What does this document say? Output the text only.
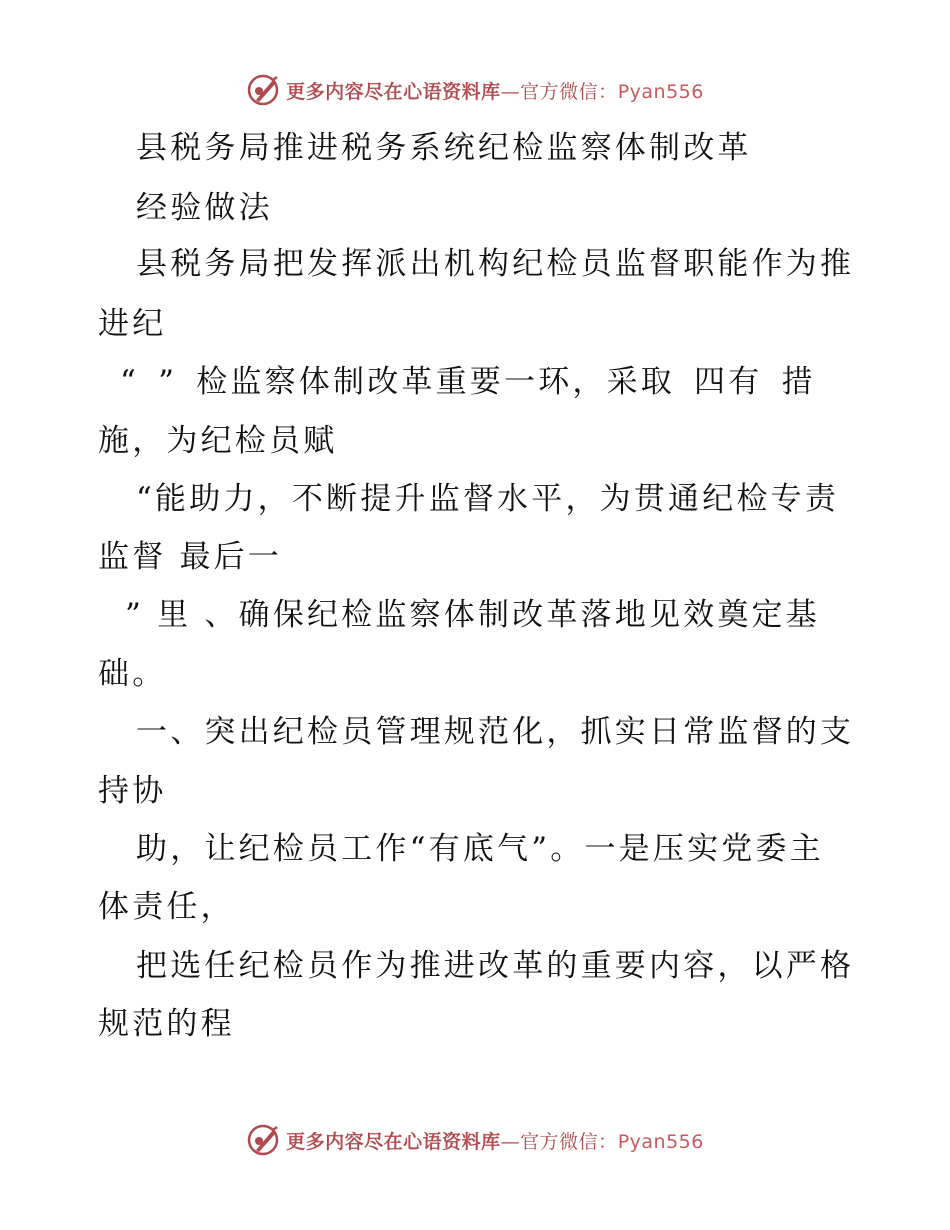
更多内容尽在心语资料库—官方微信：Pyan556
县税务局推进税务系统纪检监察体制改革
经验做法
县税务局把发挥派出机构纪检员监督职能作为推
进纪
“ ” 检监察体制改革重要一环，采取 四有 措
施，为纪检员赋
“能助力，不断提升监督水平，为贯通纪检专责
监督 最后一
” 里 、确保纪检监察体制改革落地见效奠定基
础。
一、突出纪检员管理规范化，抓实日常监督的支
持协
助，让纪检员工作“有底气”。一是压实党委主
体责任，
把选任纪检员作为推进改革的重要内容，以严格
规范的程
更多内容尽在心语资料库—官方微信：Pyan556
